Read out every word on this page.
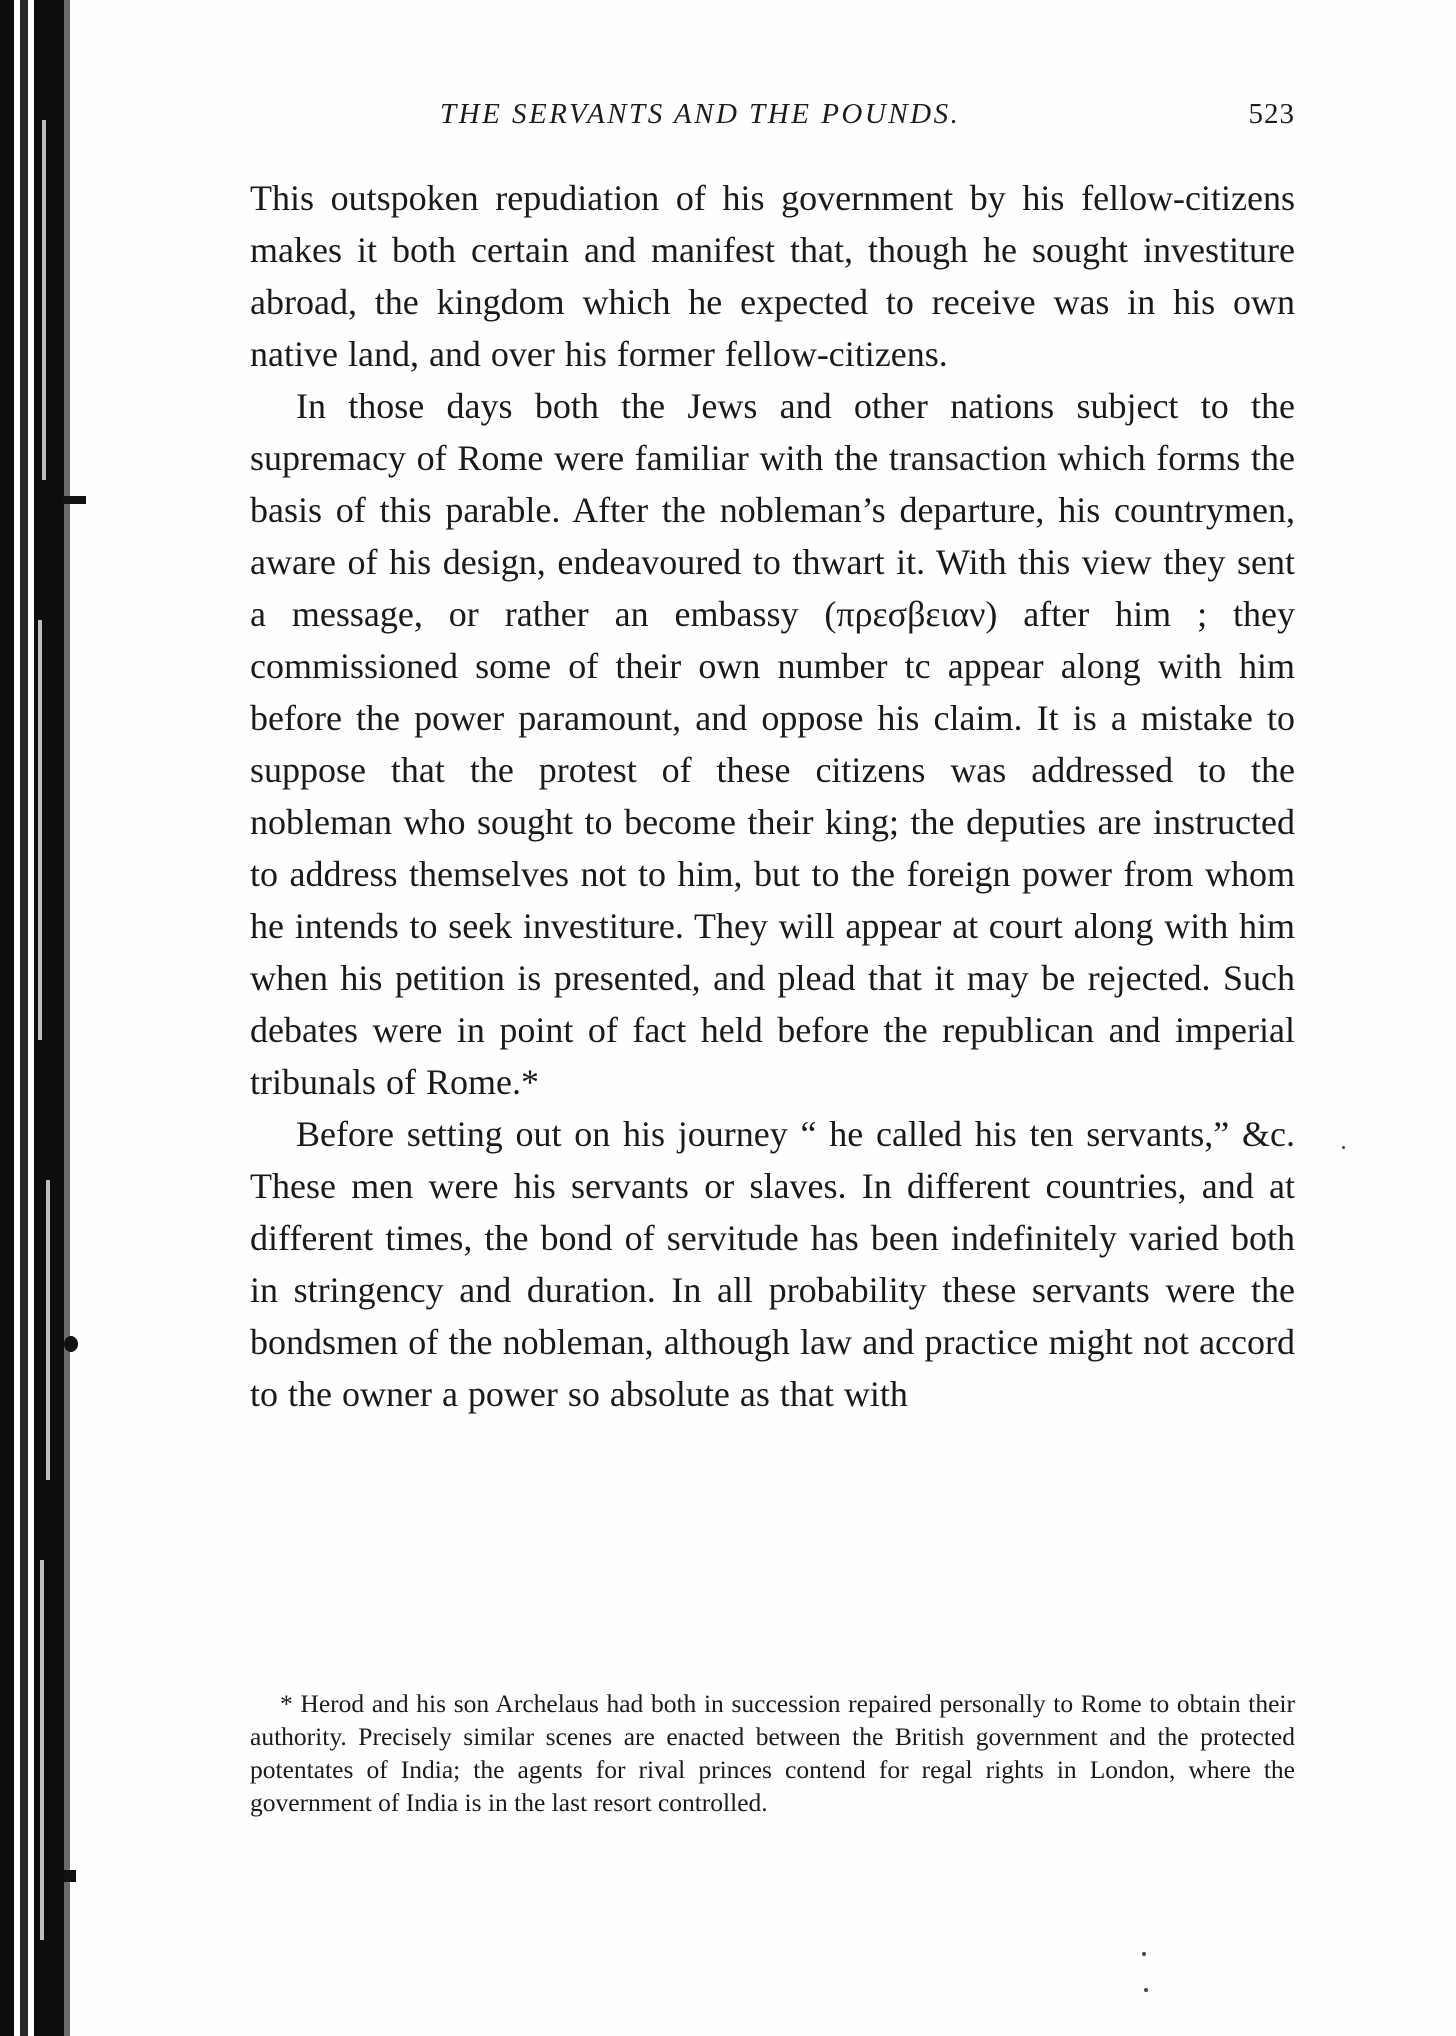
THE SERVANTS AND THE POUNDS.	523

This outspoken repudiation of his government by his fellow-citizens makes it both certain and manifest that, though he sought investiture abroad, the kingdom which he expected to receive was in his own native land, and over his former fellow-citizens.

In those days both the Jews and other nations subject to the supremacy of Rome were familiar with the transaction which forms the basis of this parable. After the nobleman’s departure, his countrymen, aware of his design, endeavoured to thwart it. With this view they sent a message, or rather an embassy (πρεσβειαν) after him ; they commissioned some of their own number tc appear along with him before the power paramount, and oppose his claim. It is a mistake to suppose that the protest of these citizens was addressed to the nobleman who sought to become their king; the deputies are instructed to address themselves not to him, but to the foreign power from whom he intends to seek investiture. They will appear at court along with him when his petition is presented, and plead that it may be rejected. Such debates were in point of fact held before the republican and imperial tribunals of Rome.*

Before setting out on his journey “ he called his ten servants,” &c. These men were his servants or slaves. In different countries, and at different times, the bond of servitude has been indefinitely varied both in stringency and duration. In all probability these servants were the bondsmen of the nobleman, although law and practice might not accord to the owner a power so absolute as that with

* Herod and his son Archelaus had both in succession repaired personally to Rome to obtain their authority. Precisely similar scenes are enacted between the British government and the protected potentates of India; the agents for rival princes contend for regal rights in London, where the government of India is in the last resort controlled.
